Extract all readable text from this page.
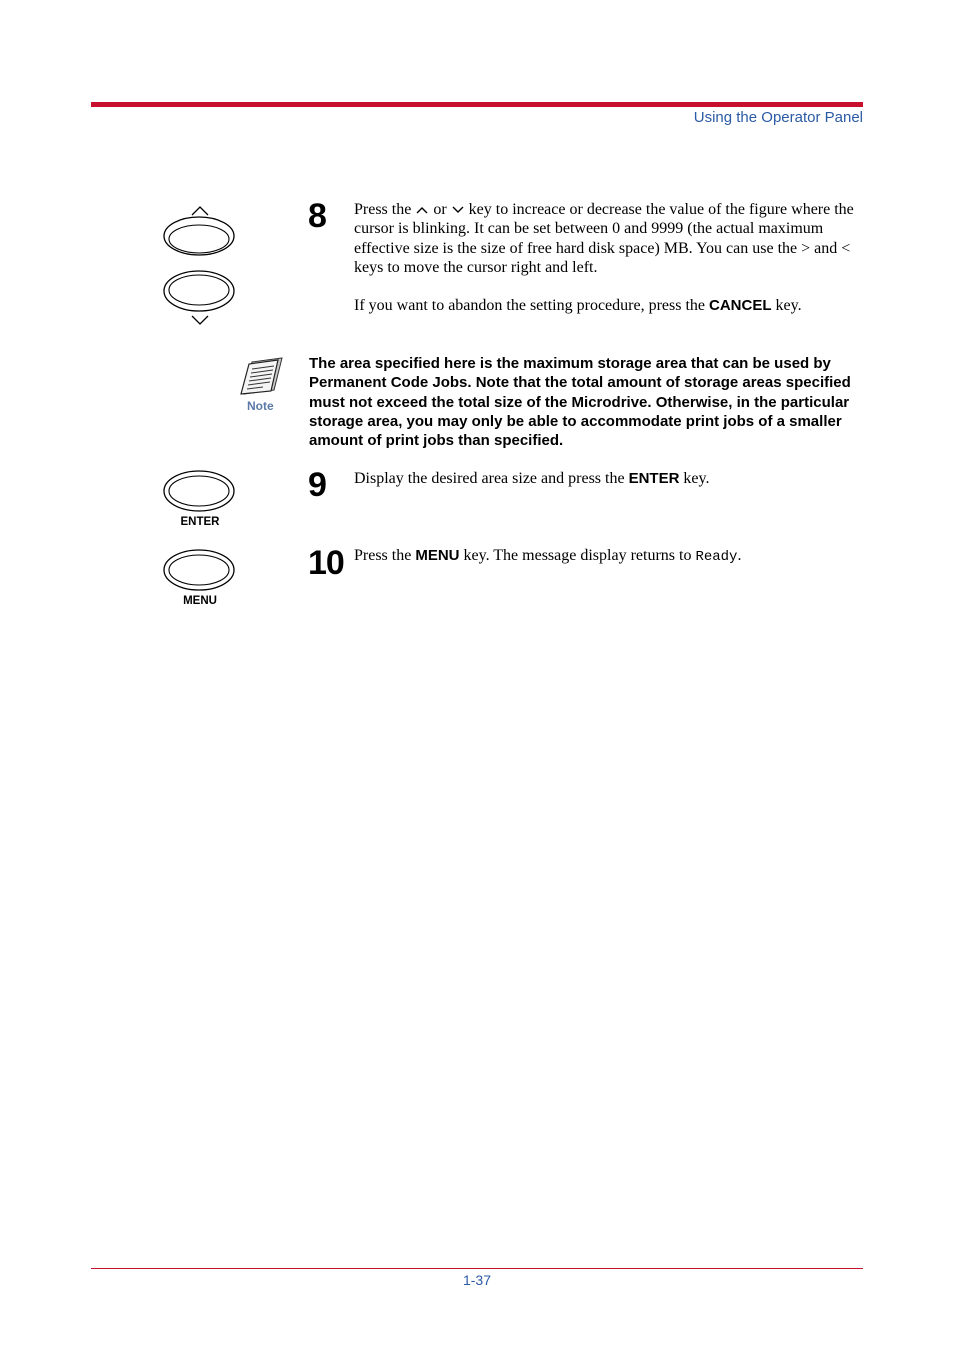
Using the Operator Panel
8 Press the or key to increace or decrease the value of the figure where the cursor is blinking. It can be set between 0 and 9999 (the actual maximum effective size is the size of free hard disk space) MB. You can use the > and < keys to move the cursor right and left.
If you want to abandon the setting procedure, press the CANCEL key.
Note
The area specified here is the maximum storage area that can be used by Permanent Code Jobs. Note that the total amount of storage areas specified must not exceed the total size of the Microdrive. Otherwise, in the particular storage area, you may only be able to accommodate print jobs of a smaller amount of print jobs than specified.
ENTER
9 Display the desired area size and press the ENTER key.
MENU
10 Press the MENU key. The message display returns to Ready.
1-37
